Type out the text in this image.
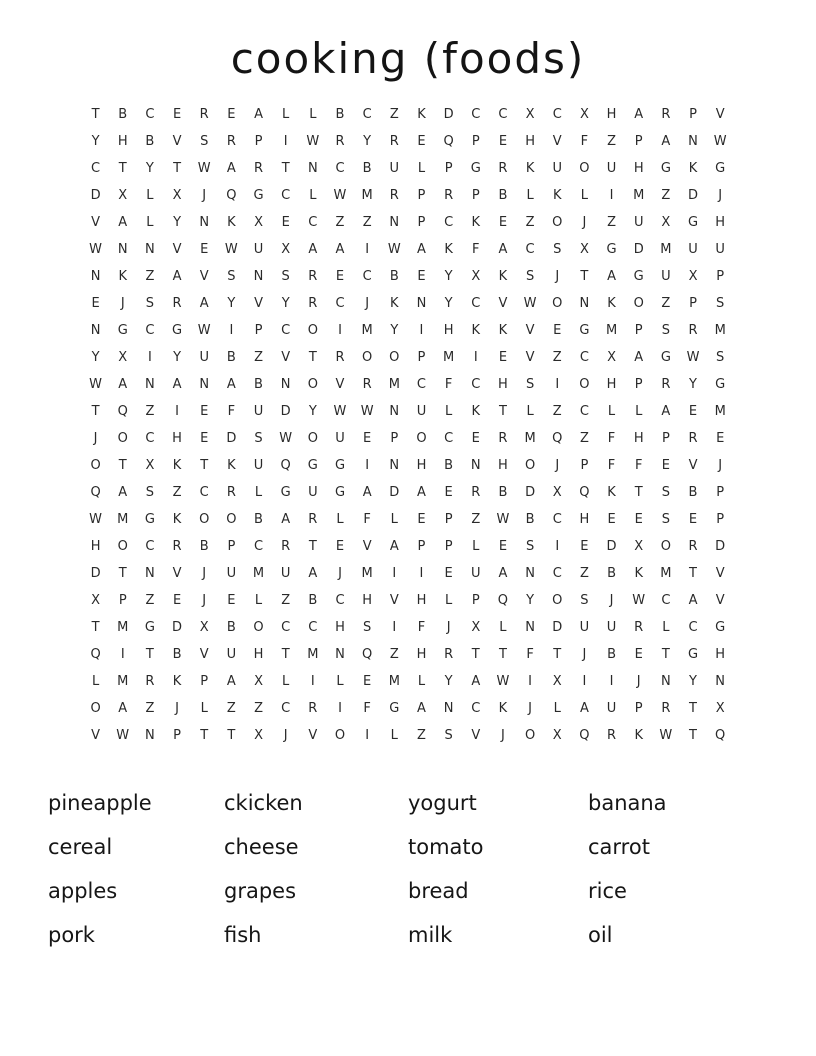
cooking (foods)
T	B	C	E	R	E	A	L	L	B	C	Z	K	D	C	C	X	C	X	H	A	R	P	V
Y	H	B	V	S	R	P	I	W	R	Y	R	E	Q	P	E	H	V	F	Z	P	A	N	W
C	T	Y	T	W	A	R	T	N	C	B	U	L	P	G	R	K	U	O	U	H	G	K	G
D	X	L	X	J	Q	G	C	L	W	M	R	P	R	P	B	L	K	L	I	M	Z	D	J
V	A	L	Y	N	K	X	E	C	Z	Z	N	P	C	K	E	Z	O	J	Z	U	X	G	H
W	N	N	V	E	W	U	X	A	A	I	W	A	K	F	A	C	S	X	G	D	M	U	U
N	K	Z	A	V	S	N	S	R	E	C	B	E	Y	X	K	S	J	T	A	G	U	X	P
E	J	S	R	A	Y	V	Y	R	C	J	K	N	Y	C	V	W	O	N	K	O	Z	P	S
N	G	C	G	W	I	P	C	O	I	M	Y	I	H	K	K	V	E	G	M	P	S	R	M
Y	X	I	Y	U	B	Z	V	T	R	O	O	P	M	I	E	V	Z	C	X	A	G	W	S
W	A	N	A	N	A	B	N	O	V	R	M	C	F	C	H	S	I	O	H	P	R	Y	G
T	Q	Z	I	E	F	U	D	Y	W	W	N	U	L	K	T	L	Z	C	L	L	A	E	M
J	O	C	H	E	D	S	W	O	U	E	P	O	C	E	R	M	Q	Z	F	H	P	R	E
O	T	X	K	T	K	U	Q	G	G	I	N	H	B	N	H	O	J	P	F	F	E	V	J
Q	A	S	Z	C	R	L	G	U	G	A	D	A	E	R	B	D	X	Q	K	T	S	B	P
W	M	G	K	O	O	B	A	R	L	F	L	E	P	Z	W	B	C	H	E	E	S	E	P
H	O	C	R	B	P	C	R	T	E	V	A	P	P	L	E	S	I	E	D	X	O	R	D
D	T	N	V	J	U	M	U	A	J	M	I	I	E	U	A	N	C	Z	B	K	M	T	V
X	P	Z	E	J	E	L	Z	B	C	H	V	H	L	P	Q	Y	O	S	J	W	C	A	V
T	M	G	D	X	B	O	C	C	H	S	I	F	J	X	L	N	D	U	U	R	L	C	G
Q	I	T	B	V	U	H	T	M	N	Q	Z	H	R	T	T	F	T	J	B	E	T	G	H
L	M	R	K	P	A	X	L	I	L	E	M	L	Y	A	W	I	X	I	I	J	N	Y	N
O	A	Z	J	L	Z	Z	C	R	I	F	G	A	N	C	K	J	L	A	U	P	R	T	X
V	W	N	P	T	T	X	J	V	O	I	L	Z	S	V	J	O	X	Q	R	K	W	T	Q
pineapple
cereal
apples
pork
ckicken
cheese
grapes
fish
yogurt
tomato
bread
milk
banana
carrot
rice
oil
